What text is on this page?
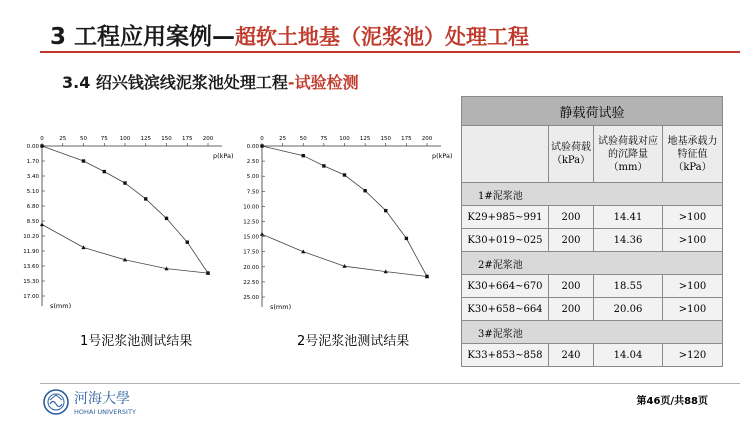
3 工程应用案例—超软土地基（泥浆池）处理工程
3.4 绍兴钱滨线泥浆池处理工程-试验检测
0	25	50	75 100 125 150 175 200
0.00
1.70
3.40
5.10
6.80
8.50
10.20
11.90
13.60
15.30
17.00
p(kPa)
s(mm)
1号泥浆池测试结果
0	25 50 75 100 125 150 175 200
0.00
2.50
5.00
7.50
10.00
12.50
15.00
17.50
20.00
22.50
25.00
p(kPa)
s(mm)
2号泥浆池测试结果
静载荷试验			
	试验荷载（kPa）	试验荷载对应的沉降量（mm）	地基承载力特征值（kPa）
1#泥浆池			
K29+985~991	200	14.41	>100
K30+019~025	200	14.36	>100
2#泥浆池			
K30+664~670	200	18.55	>100
K30+658~664	200	20.06	>100
3#泥浆池			
K33+853~858	240	14.04	>120
河海大學
HOHAI UNIVERSITY
第46页/共88页
